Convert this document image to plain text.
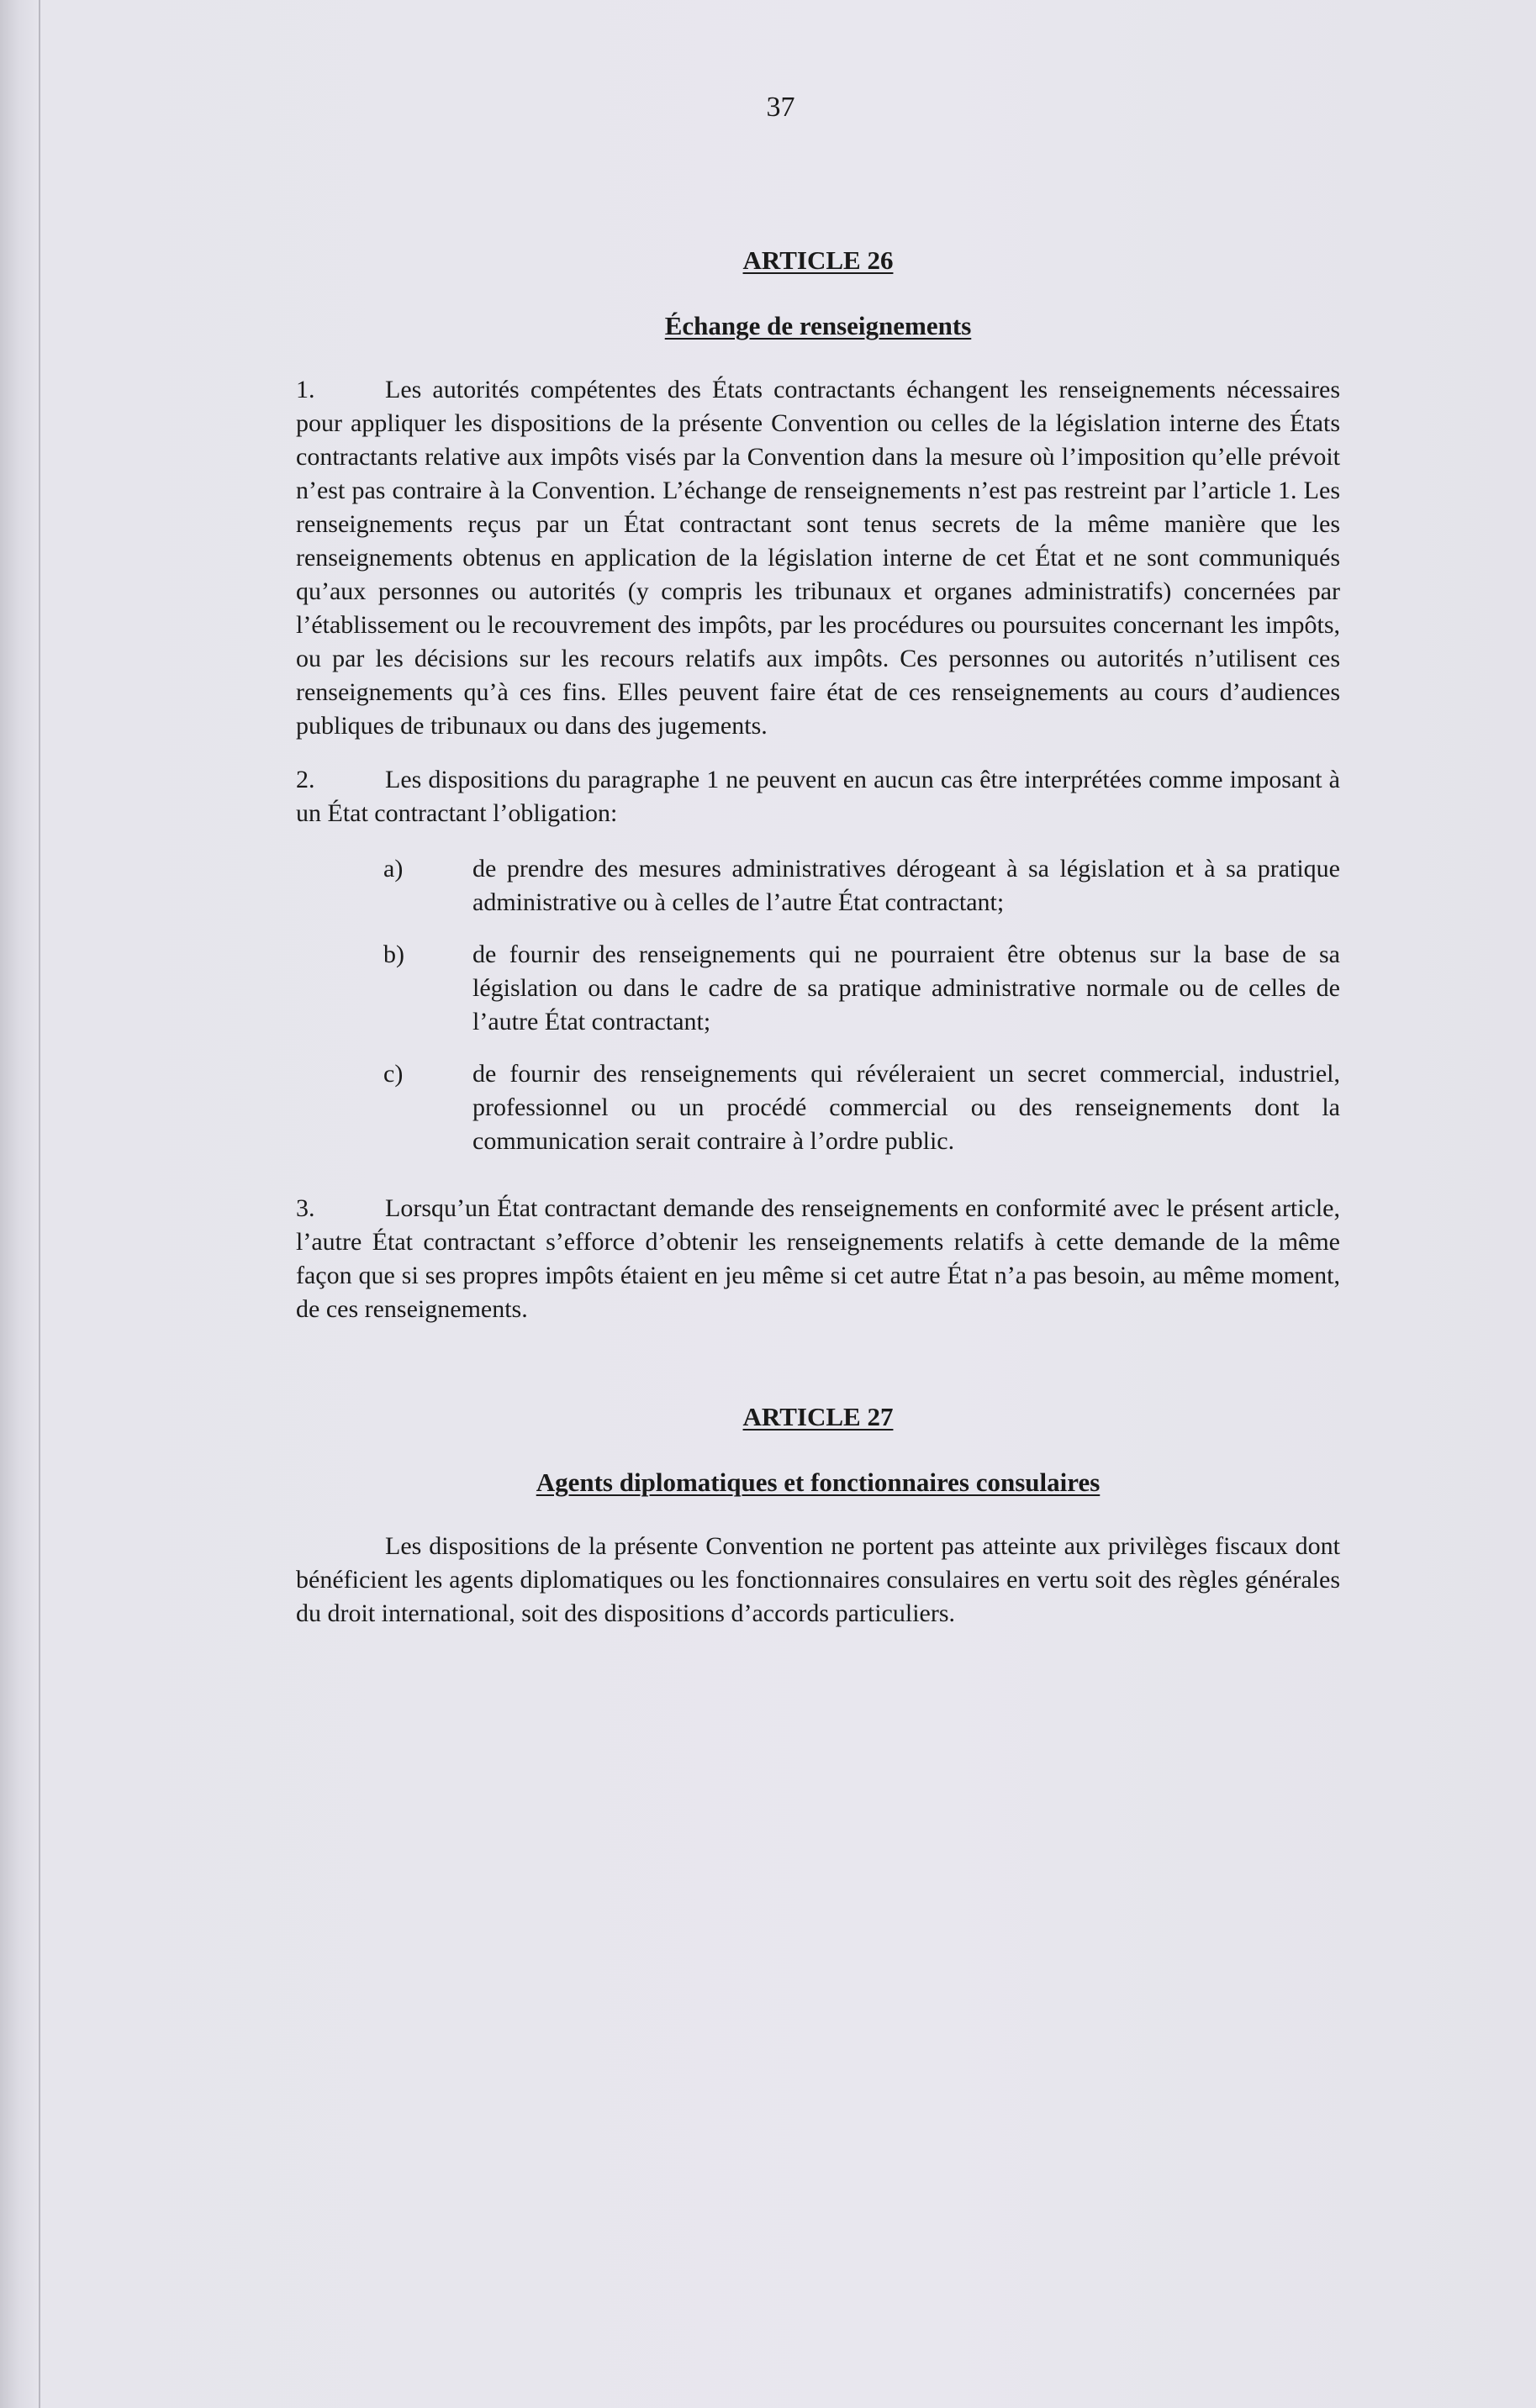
37
ARTICLE 26
Échange de renseignements

1.	Les autorités compétentes des États contractants échangent les renseignements nécessaires pour appliquer les dispositions de la présente Convention ou celles de la législation interne des États contractants relative aux impôts visés par la Convention dans la mesure où l’imposition qu’elle prévoit n’est pas contraire à la Convention. L’échange de renseignements n’est pas restreint par l’article 1. Les renseignements reçus par un État contractant sont tenus secrets de la même manière que les renseignements obtenus en application de la législation interne de cet État et ne sont communiqués qu’aux personnes ou autorités (y compris les tribunaux et organes administratifs) concernées par l’établissement ou le recouvrement des impôts, par les procédures ou poursuites concernant les impôts, ou par les décisions sur les recours relatifs aux impôts. Ces personnes ou autorités n’utilisent ces renseignements qu’à ces fins. Elles peuvent faire état de ces renseignements au cours d’audiences publiques de tribunaux ou dans des jugements.

2.	Les dispositions du paragraphe 1 ne peuvent en aucun cas être interprétées comme imposant à un État contractant l’obligation:

a)	de prendre des mesures administratives dérogeant à sa législation et à sa pratique administrative ou à celles de l’autre État contractant;
b)	de fournir des renseignements qui ne pourraient être obtenus sur la base de sa législation ou dans le cadre de sa pratique administrative normale ou de celles de l’autre État contractant;
c)	de fournir des renseignements qui révéleraient un secret commercial, industriel, professionnel ou un procédé commercial ou des renseignements dont la communication serait contraire à l’ordre public.

3.	Lorsqu’un État contractant demande des renseignements en conformité avec le présent article, l’autre État contractant s’efforce d’obtenir les renseignements relatifs à cette demande de la même façon que si ses propres impôts étaient en jeu même si cet autre État n’a pas besoin, au même moment, de ces renseignements.

ARTICLE 27
Agents diplomatiques et fonctionnaires consulaires

Les dispositions de la présente Convention ne portent pas atteinte aux privilèges fiscaux dont bénéficient les agents diplomatiques ou les fonctionnaires consulaires en vertu soit des règles générales du droit international, soit des dispositions d’accords particuliers.
